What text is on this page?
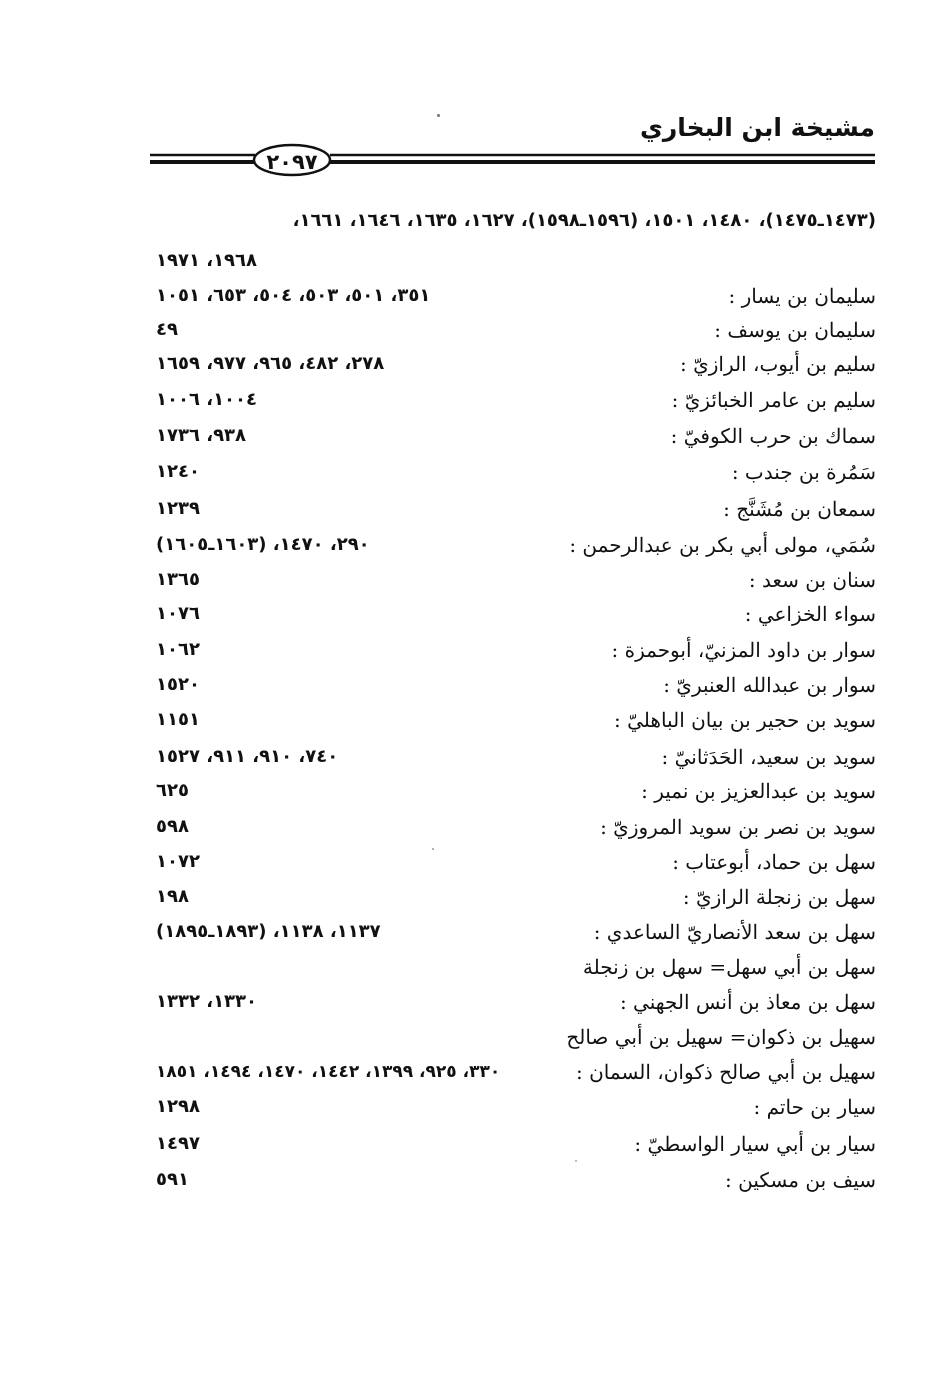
مشيخة ابن البخاري
٢٠٩٧
(١٤٧٣ـ١٤٧٥)، ١٤٨٠، ١٥٠١، (١٥٩٦ـ١٥٩٨)، ١٦٢٧، ١٦٣٥، ١٦٤٦، ١٦٦١،
١٩٦٨، ١٩٧١
سليمان بن يسار :
٣٥١، ٥٠١، ٥٠٣، ٥٠٤، ٦٥٣، ١٠٥١
سليمان بن يوسف :
٤٩
سليم بن أيوب، الرازيّ :
٢٧٨، ٤٨٢، ٩٦٥، ٩٧٧، ١٦٥٩
سليم بن عامر الخبائزيّ :
١٠٠٤، ١٠٠٦
سماك بن حرب الكوفيّ :
٩٣٨، ١٧٣٦
سَمُرة بن جندب :
١٢٤٠
سمعان بن مُشَنَّج :
١٢٣٩
سُمَي، مولى أبي بكر بن عبدالرحمن :
٢٩٠، ١٤٧٠، (١٦٠٣ـ١٦٠٥)
سنان بن سعد :
١٣٦٥
سواء الخزاعي :
١٠٧٦
سوار بن داود المزنيّ، أبوحمزة :
١٠٦٢
سوار بن عبدالله العنبريّ :
١٥٢٠
سويد بن حجير بن بيان الباهليّ :
١١٥١
سويد بن سعيد، الحَدَثانيّ :
٧٤٠، ٩١٠، ٩١١، ١٥٢٧
سويد بن عبدالعزيز بن نمير :
٦٢٥
سويد بن نصر بن سويد المروزيّ :
٥٩٨
سهل بن حماد، أبوعتاب :
١٠٧٢
سهل بن زنجلة الرازيّ :
١٩٨
سهل بن سعد الأنصاريّ الساعدي :
١١٣٧، ١١٣٨، (١٨٩٣ـ١٨٩٥)
سهل بن أبي سهل= سهل بن زنجلة
سهل بن معاذ بن أنس الجهني :
١٣٣٠، ١٣٣٢
سهيل بن ذكوان= سهيل بن أبي صالح
سهيل بن أبي صالح ذكوان، السمان :
٣٣٠، ٩٢٥، ١٣٩٩، ١٤٤٢، ١٤٧٠، ١٤٩٤، ١٨٥١
سيار بن حاتم :
١٢٩٨
سيار بن أبي سيار الواسطيّ :
١٤٩٧
سيف بن مسكين :
٥٩١
